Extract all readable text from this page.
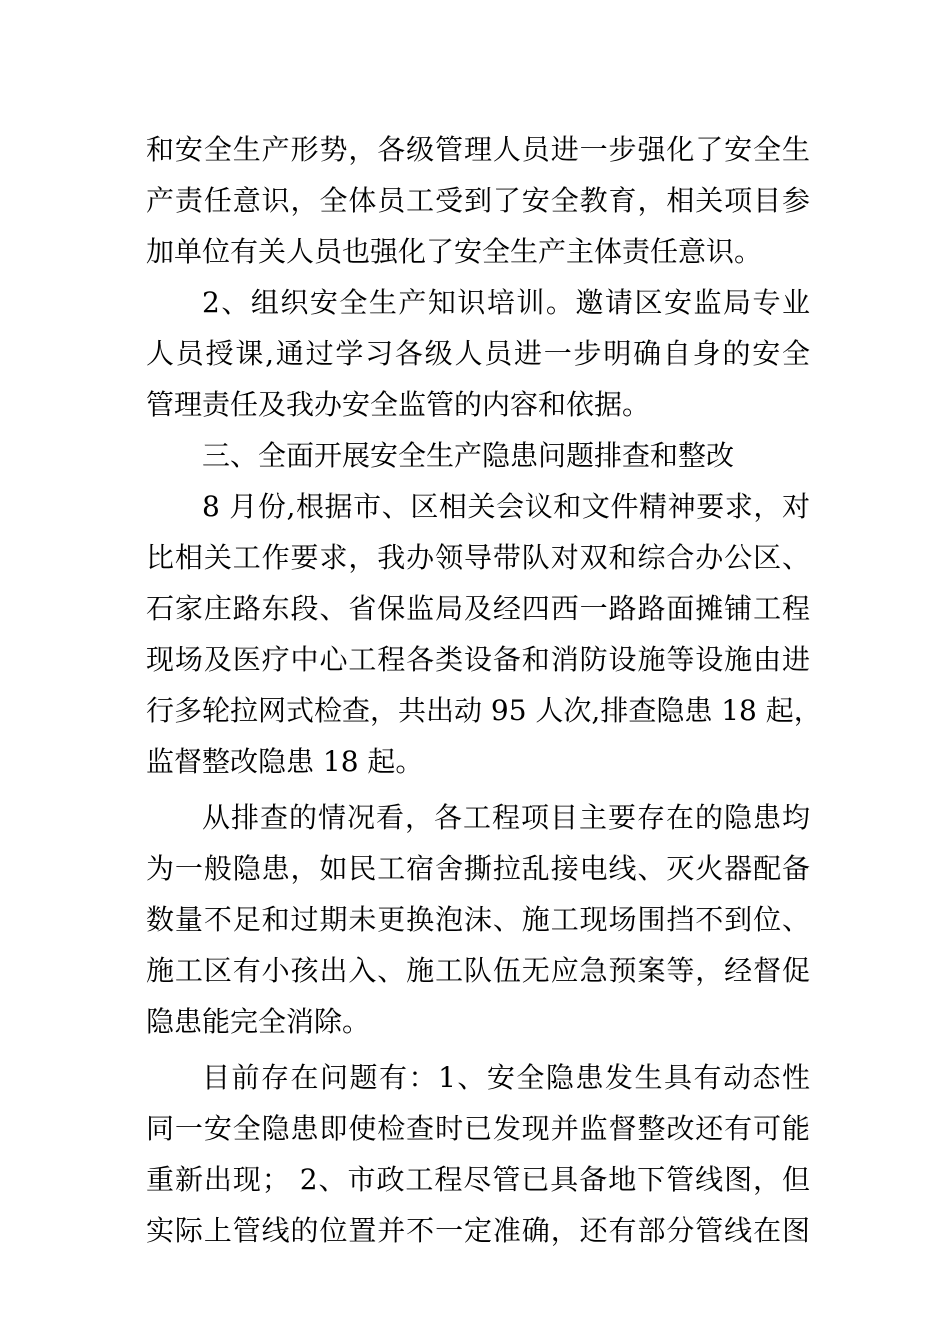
和安全生产形势，各级管理人员进一步强化了安全生
产责任意识，全体员工受到了安全教育，相关项目参
加单位有关人员也强化了安全生产主体责任意识。
2、组织安全生产知识培训。邀请区安监局专业
人员授课,通过学习各级人员进一步明确自身的安全
管理责任及我办安全监管的内容和依据。
三、全面开展安全生产隐患问题排查和整改
8 月份,根据市、区相关会议和文件精神要求，对
比相关工作要求，我办领导带队对双和综合办公区、
石家庄路东段、省保监局及经四西一路路面摊铺工程
现场及医疗中心工程各类设备和消防设施等设施由进
行多轮拉网式检查，共出动 95 人次,排查隐患 18 起，
监督整改隐患 18 起。
从排查的情况看，各工程项目主要存在的隐患均
为一般隐患，如民工宿舍撕拉乱接电线、灭火器配备
数量不足和过期未更换泡沫、施工现场围挡不到位、
施工区有小孩出入、施工队伍无应急预案等，经督促
隐患能完全消除。
目前存在问题有：1、安全隐患发生具有动态性
同一安全隐患即使检查时已发现并监督整改还有可能
重新出现； 2、市政工程尽管已具备地下管线图，但
实际上管线的位置并不一定准确，还有部分管线在图
